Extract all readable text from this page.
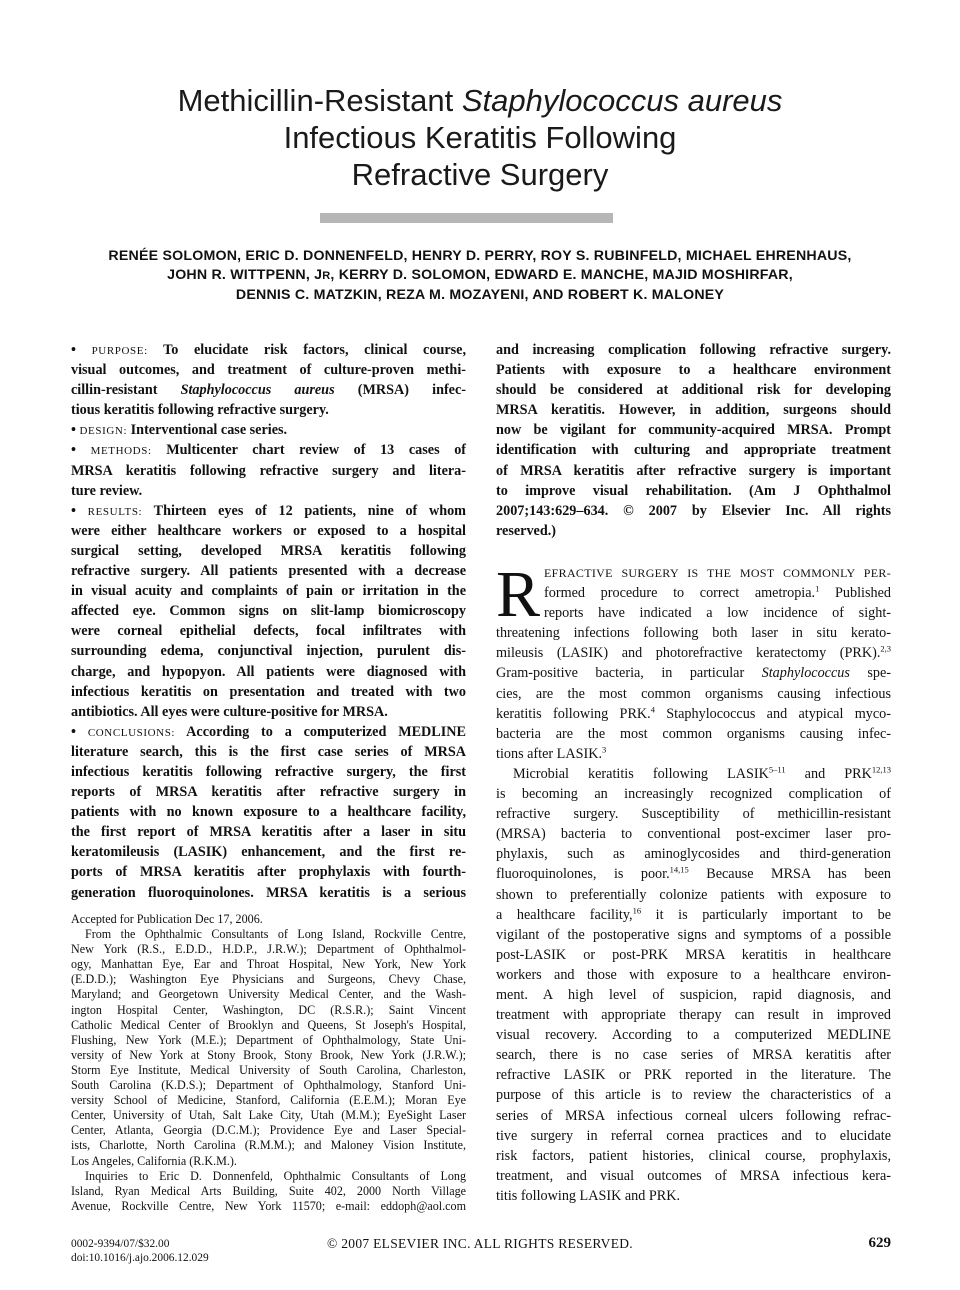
Methicillin-Resistant Staphylococcus aureus
Infectious Keratitis Following
Refractive Surgery
RENÉE SOLOMON, ERIC D. DONNENFELD, HENRY D. PERRY, ROY S. RUBINFELD, MICHAEL EHRENHAUS,
JOHN R. WITTPENN, JR, KERRY D. SOLOMON, EDWARD E. MANCHE, MAJID MOSHIRFAR,
DENNIS C. MATZKIN, REZA M. MOZAYENI, AND ROBERT K. MALONEY
• PURPOSE: To elucidate risk factors, clinical course,
visual outcomes, and treatment of culture-proven methi-
cillin-resistant Staphylococcus aureus (MRSA) infec-
tious keratitis following refractive surgery.
• DESIGN: Interventional case series.
• METHODS: Multicenter chart review of 13 cases of
MRSA keratitis following refractive surgery and litera-
ture review.
• RESULTS: Thirteen eyes of 12 patients, nine of whom
were either healthcare workers or exposed to a hospital
surgical setting, developed MRSA keratitis following
refractive surgery. All patients presented with a decrease
in visual acuity and complaints of pain or irritation in the
affected eye. Common signs on slit-lamp biomicroscopy
were corneal epithelial defects, focal infiltrates with
surrounding edema, conjunctival injection, purulent dis-
charge, and hypopyon. All patients were diagnosed with
infectious keratitis on presentation and treated with two
antibiotics. All eyes were culture-positive for MRSA.
• CONCLUSIONS: According to a computerized MEDLINE
literature search, this is the first case series of MRSA
infectious keratitis following refractive surgery, the first
reports of MRSA keratitis after refractive surgery in
patients with no known exposure to a healthcare facility,
the first report of MRSA keratitis after a laser in situ
keratomileusis (LASIK) enhancement, and the first re-
ports of MRSA keratitis after prophylaxis with fourth-
generation fluoroquinolones. MRSA keratitis is a serious
Accepted for Publication Dec 17, 2006.
From the Ophthalmic Consultants of Long Island, Rockville Centre,
New York (R.S., E.D.D., H.D.P., J.R.W.); Department of Ophthalmol-
ogy, Manhattan Eye, Ear and Throat Hospital, New York, New York
(E.D.D.); Washington Eye Physicians and Surgeons, Chevy Chase,
Maryland; and Georgetown University Medical Center, and the Wash-
ington Hospital Center, Washington, DC (R.S.R.); Saint Vincent
Catholic Medical Center of Brooklyn and Queens, St Joseph's Hospital,
Flushing, New York (M.E.); Department of Ophthalmology, State Uni-
versity of New York at Stony Brook, Stony Brook, New York (J.R.W.);
Storm Eye Institute, Medical University of South Carolina, Charleston,
South Carolina (K.D.S.); Department of Ophthalmology, Stanford Uni-
versity School of Medicine, Stanford, California (E.E.M.); Moran Eye
Center, University of Utah, Salt Lake City, Utah (M.M.); EyeSight Laser
Center, Atlanta, Georgia (D.C.M.); Providence Eye and Laser Special-
ists, Charlotte, North Carolina (R.M.M.); and Maloney Vision Institute,
Los Angeles, California (R.K.M.).
Inquiries to Eric D. Donnenfeld, Ophthalmic Consultants of Long
Island, Ryan Medical Arts Building, Suite 402, 2000 North Village
Avenue, Rockville Centre, New York 11570; e-mail: eddoph@aol.com
and increasing complication following refractive surgery.
Patients with exposure to a healthcare environment
should be considered at additional risk for developing
MRSA keratitis. However, in addition, surgeons should
now be vigilant for community-acquired MRSA. Prompt
identification with culturing and appropriate treatment
of MRSA keratitis after refractive surgery is important
to improve visual rehabilitation. (Am J Ophthalmol
2007;143:629–634. © 2007 by Elsevier Inc. All rights
reserved.)
R EFRACTIVE SURGERY IS THE MOST COMMONLY PER-
formed procedure to correct ametropia.$^1$ Published
reports have indicated a low incidence of sight-
threatening infections following both laser in situ kerato-
mileusis (LASIK) and photorefractive keratectomy (PRK).$^{2,3}$
Gram-positive bacteria, in particular Staphylococcus spe-
cies, are the most common organisms causing infectious
keratitis following PRK.$^4$ Staphylococcus and atypical myco-
bacteria are the most common organisms causing infec-
tions after LASIK.$^3$
Microbial keratitis following LASIK$^{5-11}$ and PRK$^{12,13}$
is becoming an increasingly recognized complication of
refractive surgery. Susceptibility of methicillin-resistant
(MRSA) bacteria to conventional post-excimer laser pro-
phylaxis, such as aminoglycosides and third-generation
fluoroquinolones, is poor.$^{14,15}$ Because MRSA has been
shown to preferentially colonize patients with exposure to
a healthcare facility,$^{16}$ it is particularly important to be
vigilant of the postoperative signs and symptoms of a possible
post-LASIK or post-PRK MRSA keratitis in healthcare
workers and those with exposure to a healthcare environ-
ment. A high level of suspicion, rapid diagnosis, and
treatment with appropriate therapy can result in improved
visual recovery. According to a computerized MEDLINE
search, there is no case series of MRSA keratitis after
refractive LASIK or PRK reported in the literature. The
purpose of this article is to review the characteristics of a
series of MRSA infectious corneal ulcers following refrac-
tive surgery in referral cornea practices and to elucidate
risk factors, patient histories, clinical course, prophylaxis,
treatment, and visual outcomes of MRSA infectious kera-
titis following LASIK and PRK.
0002-9394/07/$32.00
doi:10.1016/j.ajo.2006.12.029
© 2007 ELSEVIER INC. ALL RIGHTS RESERVED.	629
